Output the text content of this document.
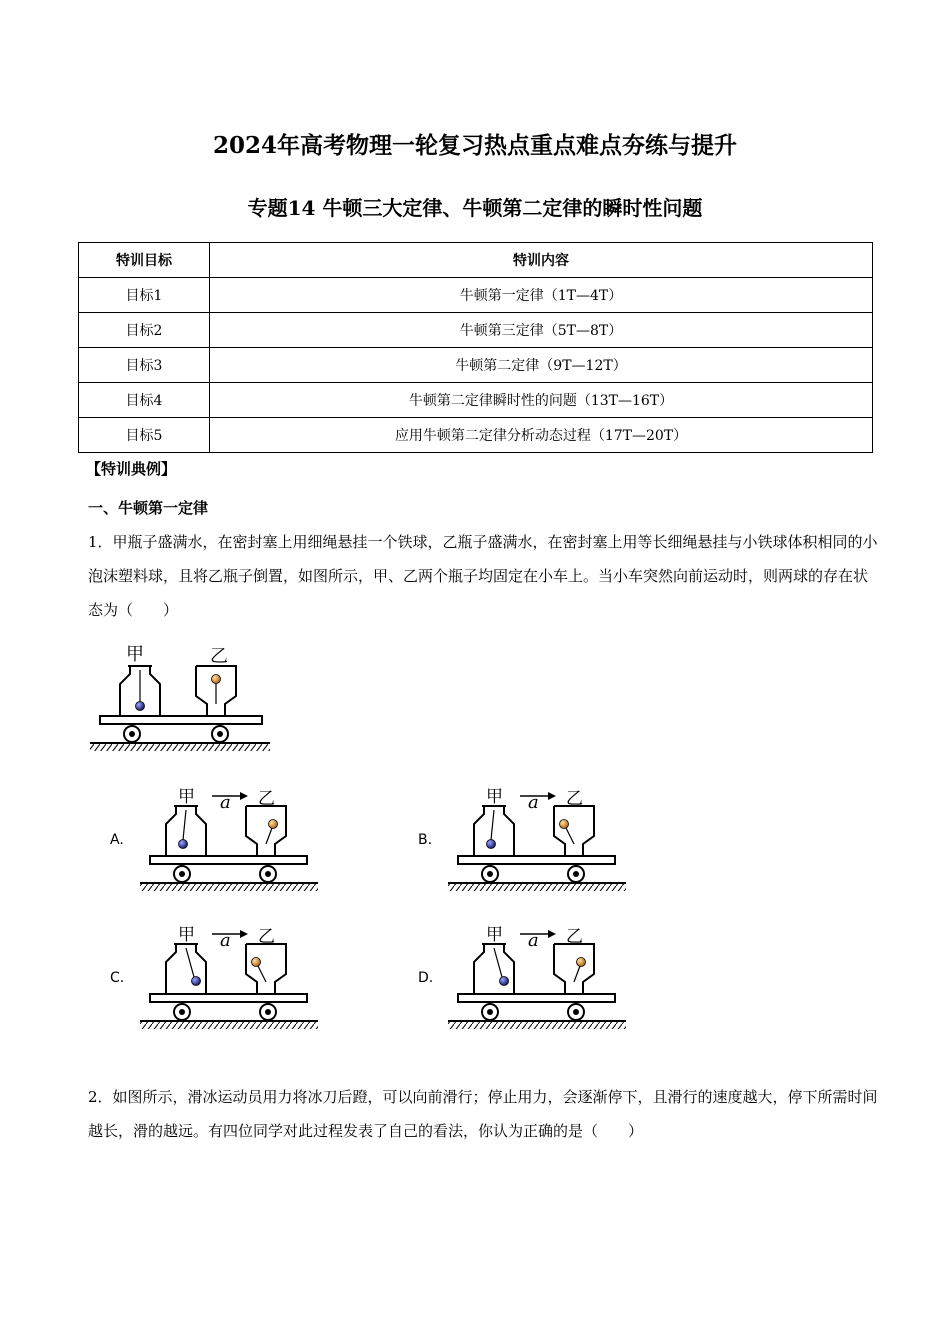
2024年高考物理一轮复习热点重点难点夯练与提升
专题14 牛顿三大定律、牛顿第二定律的瞬时性问题
特训目标	特训内容
目标1	牛顿第一定律（1T—4T）
目标2	牛顿第三定律（5T—8T）
目标3	牛顿第二定律（9T—12T）
目标4	牛顿第二定律瞬时性的问题（13T—16T）
目标5	应用牛顿第二定律分析动态过程（17T—20T）
【特训典例】
一、牛顿第一定律
1．甲瓶子盛满水，在密封塞上用细绳悬挂一个铁球，乙瓶子盛满水，在密封塞上用等长细绳悬挂与小铁球体积相同的小泡沫塑料球，且将乙瓶子倒置，如图所示，甲、乙两个瓶子均固定在小车上。当小车突然向前运动时，则两球的存在状态为（　　）
甲	乙
A.
甲 a 乙
B.
甲 a 乙
C.
甲 a 乙
D.
甲 a 乙
2．如图所示，滑冰运动员用力将冰刀后蹬，可以向前滑行；停止用力，会逐渐停下，且滑行的速度越大，停下所需时间越长，滑的越远。有四位同学对此过程发表了自己的看法，你认为正确的是（　　）
